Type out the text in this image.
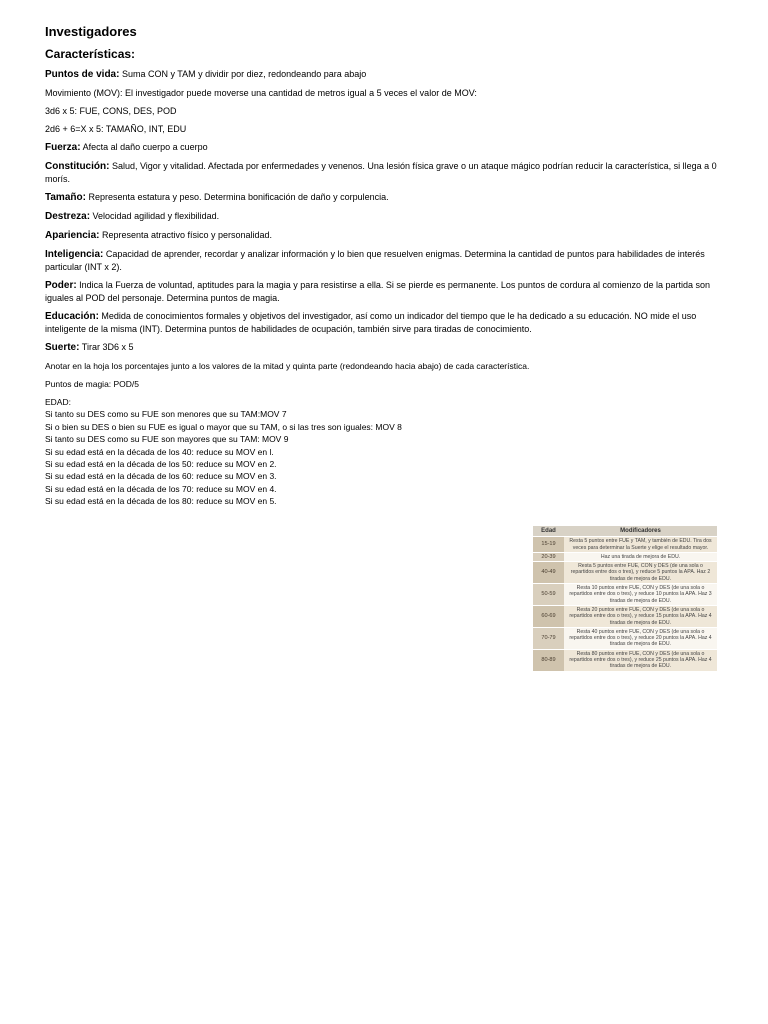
Investigadores
Características:

Puntos de vida: Suma CON y TAM y dividir por diez, redondeando para abajo

Movimiento (MOV): El investigador puede moverse una cantidad de metros igual a 5 veces el valor de MOV:

3d6 x 5: FUE, CONS, DES, POD

2d6 + 6=X x 5: TAMAÑO, INT, EDU

Fuerza: Afecta al daño cuerpo a cuerpo

Constitución: Salud, Vigor y vitalidad. Afectada por enfermedades y venenos. Una lesión física grave o un ataque mágico podrían reducir la característica, si llega a 0 morís.

Tamaño: Representa estatura y peso. Determina bonificación de daño y corpulencia.

Destreza: Velocidad agilidad y flexibilidad.

Apariencia: Representa atractivo físico y personalidad.

Inteligencia: Capacidad de aprender, recordar y analizar información y lo bien que resuelven enigmas. Determina la cantidad de puntos para habilidades de interés particular (INT x 2).

Poder: Indica la Fuerza de voluntad, aptitudes para la magia y para resistirse a ella. Si se pierde es permanente. Los puntos de cordura al comienzo de la partida son iguales al POD del personaje. Determina puntos de magia.

Educación: Medida de conocimientos formales y objetivos del investigador, así como un indicador del tiempo que le ha dedicado a su educación. NO mide el uso inteligente de la misma (INT). Determina puntos de habilidades de ocupación, también sirve para tiradas de conocimiento.

Suerte: Tirar 3D6 x 5

Anotar en la hoja los porcentajes junto a los valores de la mitad y quinta parte (redondeando hacia abajo) de cada característica.

Puntos de magia: POD/5

EDAD:
Si tanto su DES como su FUE son menores que su TAM:MOV 7
Si o bien su DES o bien su FUE es igual o mayor que su TAM, o si las tres son iguales: MOV 8
Si tanto su DES como su FUE son mayores que su TAM: MOV 9
Si su edad está en la década de los 40: reduce su MOV en l.
Si su edad está en la década de los 50: reduce su MOV en 2.
Si su edad está en la década de los 60: reduce su MOV en 3.
Si su edad está en la década de los 70: reduce su MOV en 4.
Si su edad está en la década de los 80: reduce su MOV en 5.
Edad	Modificadores
15-19	Resta 5 puntos entre FUE y TAM, y también de EDU. Tira dos veces para determinar la Suerte y elige el resultado mayor.
20-39	Haz una tirada de mejora de EDU.
40-49	Resta 5 puntos entre FUE, CON y DES (de una sola o repartidos entre dos o tres), y reduce 5 puntos la APA. Haz 2 tiradas de mejora de EDU.
50-59	Resta 10 puntos entre FUE, CON y DES (de una sola o repartidos entre dos o tres), y reduce 10 puntos la APA. Haz 3 tiradas de mejora de EDU.
60-69	Resta 20 puntos entre FUE, CON y DES (de una sola o repartidos entre dos o tres), y reduce 15 puntos la APA. Haz 4 tiradas de mejora de EDU.
70-79	Resta 40 puntos entre FUE, CON y DES (de una sola o repartidos entre dos o tres), y reduce 20 puntos la APA. Haz 4 tiradas de mejora de EDU.
80-89	Resta 80 puntos entre FUE, CON y DES (de una sola o repartidos entre dos o tres), y reduce 25 puntos la APA. Haz 4 tiradas de mejora de EDU.
